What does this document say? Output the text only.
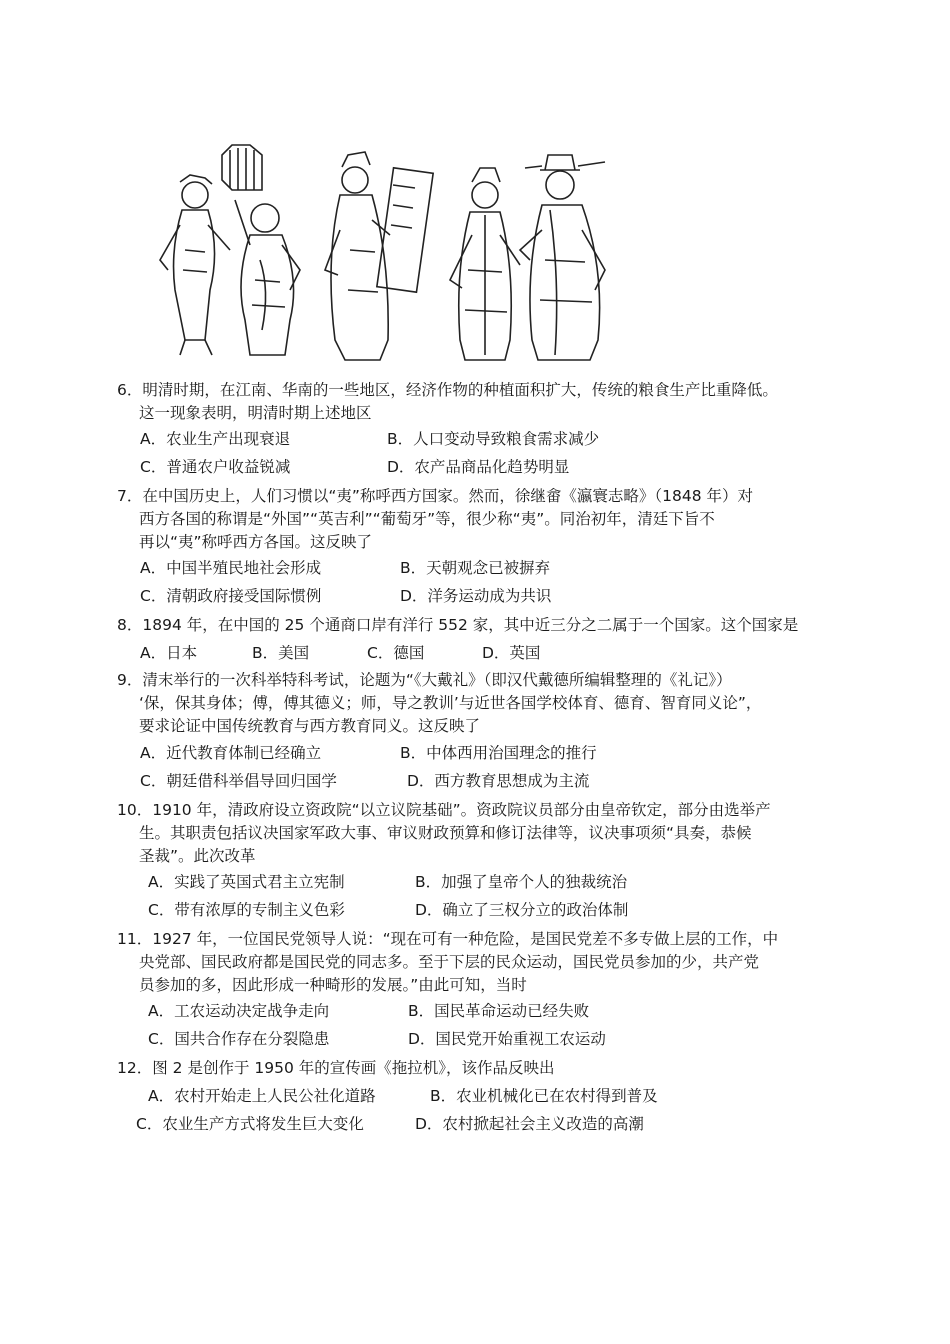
6．明清时期，在江南、华南的一些地区，经济作物的种植面积扩大，传统的粮食生产比重降低。
这一现象表明，明清时期上述地区
A．农业生产出现衰退	B．人口变动导致粮食需求减少
C．普通农户收益锐减	D．农产品商品化趋势明显
7．在中国历史上，人们习惯以“夷”称呼西方国家。然而，徐继畲《瀛寰志略》（1848 年）对
西方各国的称谓是“外国”“英吉利”“葡萄牙”等，很少称“夷”。同治初年，清廷下旨不
再以“夷”称呼西方各国。这反映了
A．中国半殖民地社会形成	B．天朝观念已被摒弃
C．清朝政府接受国际惯例	D．洋务运动成为共识
8．1894 年，在中国的 25 个通商口岸有洋行 552 家，其中近三分之二属于一个国家。这个国家是
A．日本	B．美国	C．德国	D．英国
9．清末举行的一次科举特科考试，论题为“《大戴礼》（即汉代戴德所编辑整理的《礼记》）
‘保，保其身体；傅，傅其德义；师，导之教训’与近世各国学校体育、德育、智育同义论”，
要求论证中国传统教育与西方教育同义。这反映了
A．近代教育体制已经确立	B．中体西用治国理念的推行
C．朝廷借科举倡导回归国学	D．西方教育思想成为主流
10．1910 年，清政府设立资政院“以立议院基础”。资政院议员部分由皇帝钦定，部分由选举产
生。其职责包括议决国家军政大事、审议财政预算和修订法律等，议决事项须“具奏，恭候
圣裁”。此次改革
A．实践了英国式君主立宪制	B．加强了皇帝个人的独裁统治
C．带有浓厚的专制主义色彩	D．确立了三权分立的政治体制
11．1927 年，一位国民党领导人说：“现在可有一种危险，是国民党差不多专做上层的工作，中
央党部、国民政府都是国民党的同志多。至于下层的民众运动，国民党员参加的少，共产党
员参加的多，因此形成一种畸形的发展。”由此可知，当时
A．工农运动决定战争走向	B．国民革命运动已经失败
C．国共合作存在分裂隐患	D．国民党开始重视工农运动
12．图 2 是创作于 1950 年的宣传画《拖拉机》，该作品反映出
A．农村开始走上人民公社化道路	B．农业机械化已在农村得到普及
C．农业生产方式将发生巨大变化	D．农村掀起社会主义改造的高潮
